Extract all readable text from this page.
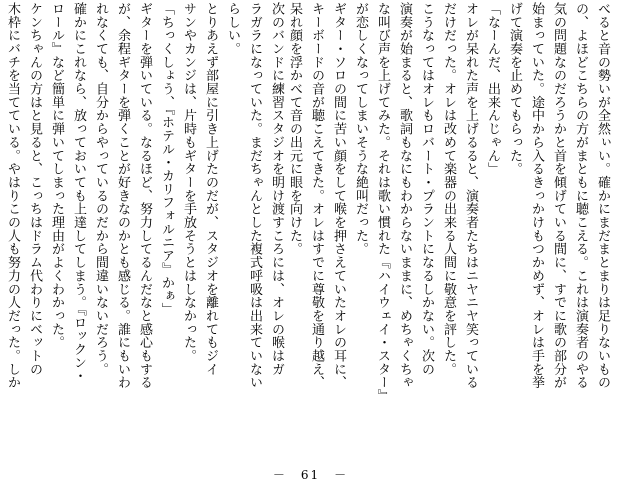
べると音の勢いが全然ぃい。確かにまだまとまりは足りないもの

の、よほどこちらの方がまともに聴こえる。これは演奏者のやる

気の問題なのだろうかと首を傾げている間に、すでに歌の部分が

始まっていた。途中から入るきっかけもつかめず、オレは手を挙

げて演奏を止めてもらった。

「なーんだ、出来んじゃん」

オレが呆れた声を上げるると、演奏者たちはニヤニヤ笑っている

だけだった。オレは改めて楽器の出来る人間に敬意を評した。

こうなってはオレもロバート・プラントになるしかない。次の

演奏が始まると、歌詞もなにもわからないままに、めちゃくちゃ

な叫び声を上げてみた。それは歌い慣れた『ハイウェイ・スター』

が恋しくなってしまいそうな絶叫だった。

ギター・ソロの間に苦い顔をして喉を押さえていたオレの耳に、

キーボードの音が聴こえてきた。オレはすでに尊敬を通り越え、

呆れ顔を浮かべて音の出元に眼を向けた。

次のバンドに練習スタジオを明け渡すころには、オレの喉はガ

ラガラになっていた。まだちゃんとした複式呼吸は出来ていない

らしい。

とりあえず部屋に引き上げたのだが、スタジオを離れてもジイ

サンやカンジは、片時もギターを手放そうとはしなかった。

「ちっくしょう、『ホテル・カリフォルニア』かぁ」

ギターを弾いている。なるほど、努力してるんだなと感心もする

が、余程ギターを弾くことが好きなのかとも感じる。誰にもいわ

れなくても、自分からやっているのだから間違いないだろう。

確かにこれなら、放っておいても上達してしまう。『ロックン・

ロール』など簡単に弾いてしまった理由がよくわかった。

ケンちゃんの方はと見ると、こっちはドラム代わりにベットの

木枠にバチを当てている。やはりこの人も努力の人だった。しか

－　61　－
